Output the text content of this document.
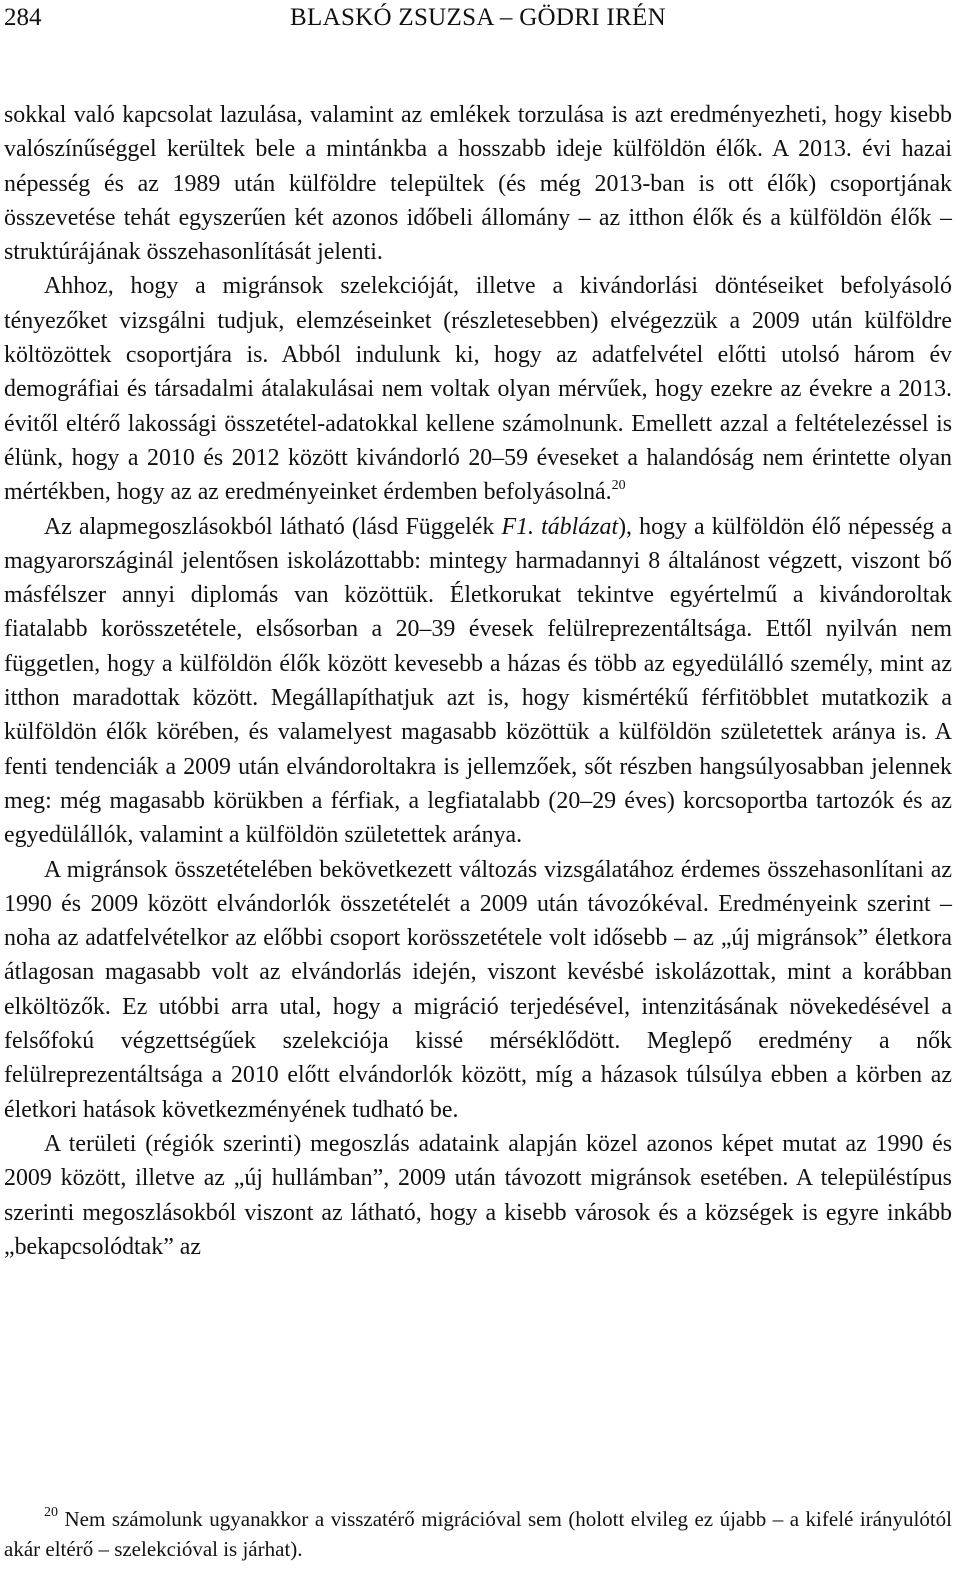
284	BLASKÓ ZSUZSA – GÖDRI IRÉN

sokkal való kapcsolat lazulása, valamint az emlékek torzulása is azt eredményezheti, hogy kisebb valószínűséggel kerültek bele a mintánkba a hosszabb ideje külföldön élők. A 2013. évi hazai népesség és az 1989 után külföldre települtek (és még 2013-ban is ott élők) csoportjának összevetése tehát egyszerűen két azonos időbeli állomány – az itthon élők és a külföldön élők – struktúrájának összehasonlítását jelenti.

Ahhoz, hogy a migránsok szelekcióját, illetve a kivándorlási döntéseiket befolyásoló tényezőket vizsgálni tudjuk, elemzéseinket (részletesebben) elvégezzük a 2009 után külföldre költözöttek csoportjára is. Abból indulunk ki, hogy az adatfelvétel előtti utolsó három év demográfiai és társadalmi átalakulásai nem voltak olyan mérvűek, hogy ezekre az évekre a 2013. évitől eltérő lakossági összetétel-adatokkal kellene számolnunk. Emellett azzal a feltételezéssel is élünk, hogy a 2010 és 2012 között kivándorló 20–59 éveseket a halandóság nem érintette olyan mértékben, hogy az az eredményeinket érdemben befolyásolná.$^{20}$

Az alapmegoszlásokból látható (lásd Függelék F1. táblázat), hogy a külföldön élő népesség a magyarországinál jelentősen iskolázottabb: mintegy harmadannyi 8 általánost végzett, viszont bő másfélszer annyi diplomás van közöttük. Életkorukat tekintve egyértelmű a kivándoroltak fiatalabb korösszetétele, elsősorban a 20–39 évesek felülreprezentáltsága. Ettől nyilván nem független, hogy a külföldön élők között kevesebb a házas és több az egyedülálló személy, mint az itthon maradottak között. Megállapíthatjuk azt is, hogy kismértékű férfitöbblet mutatkozik a külföldön élők körében, és valamelyest magasabb közöttük a külföldön születettek aránya is. A fenti tendenciák a 2009 után elvándoroltakra is jellemzőek, sőt részben hangsúlyosabban jelennek meg: még magasabb körükben a férfiak, a legfiatalabb (20–29 éves) korcsoportba tartozók és az egyedülállók, valamint a külföldön születettek aránya.

A migránsok összetételében bekövetkezett változás vizsgálatához érdemes összehasonlítani az 1990 és 2009 között elvándorlók összetételét a 2009 után távozókéval. Eredményeink szerint – noha az adatfelvételkor az előbbi csoport korösszetétele volt idősebb – az „új migránsok” életkora átlagosan magasabb volt az elvándorlás idején, viszont kevésbé iskolázottak, mint a korábban elköltözők. Ez utóbbi arra utal, hogy a migráció terjedésével, intenzitásának növekedésével a felsőfokú végzettségűek szelekciója kissé mérséklődött. Meglepő eredmény a nők felülreprezentáltsága a 2010 előtt elvándorlók között, míg a házasok túlsúlya ebben a körben az életkori hatások következményének tudható be.

A területi (régiók szerinti) megoszlás adataink alapján közel azonos képet mutat az 1990 és 2009 között, illetve az „új hullámban”, 2009 után távozott migránsok esetében. A településtípus szerinti megoszlásokból viszont az látható, hogy a kisebb városok és a községek is egyre inkább „bekapcsolódtak” az

$^{20}$ Nem számolunk ugyanakkor a visszatérő migrációval sem (holott elvileg ez újabb – a kifelé irányulótól akár eltérő – szelekcióval is járhat).
